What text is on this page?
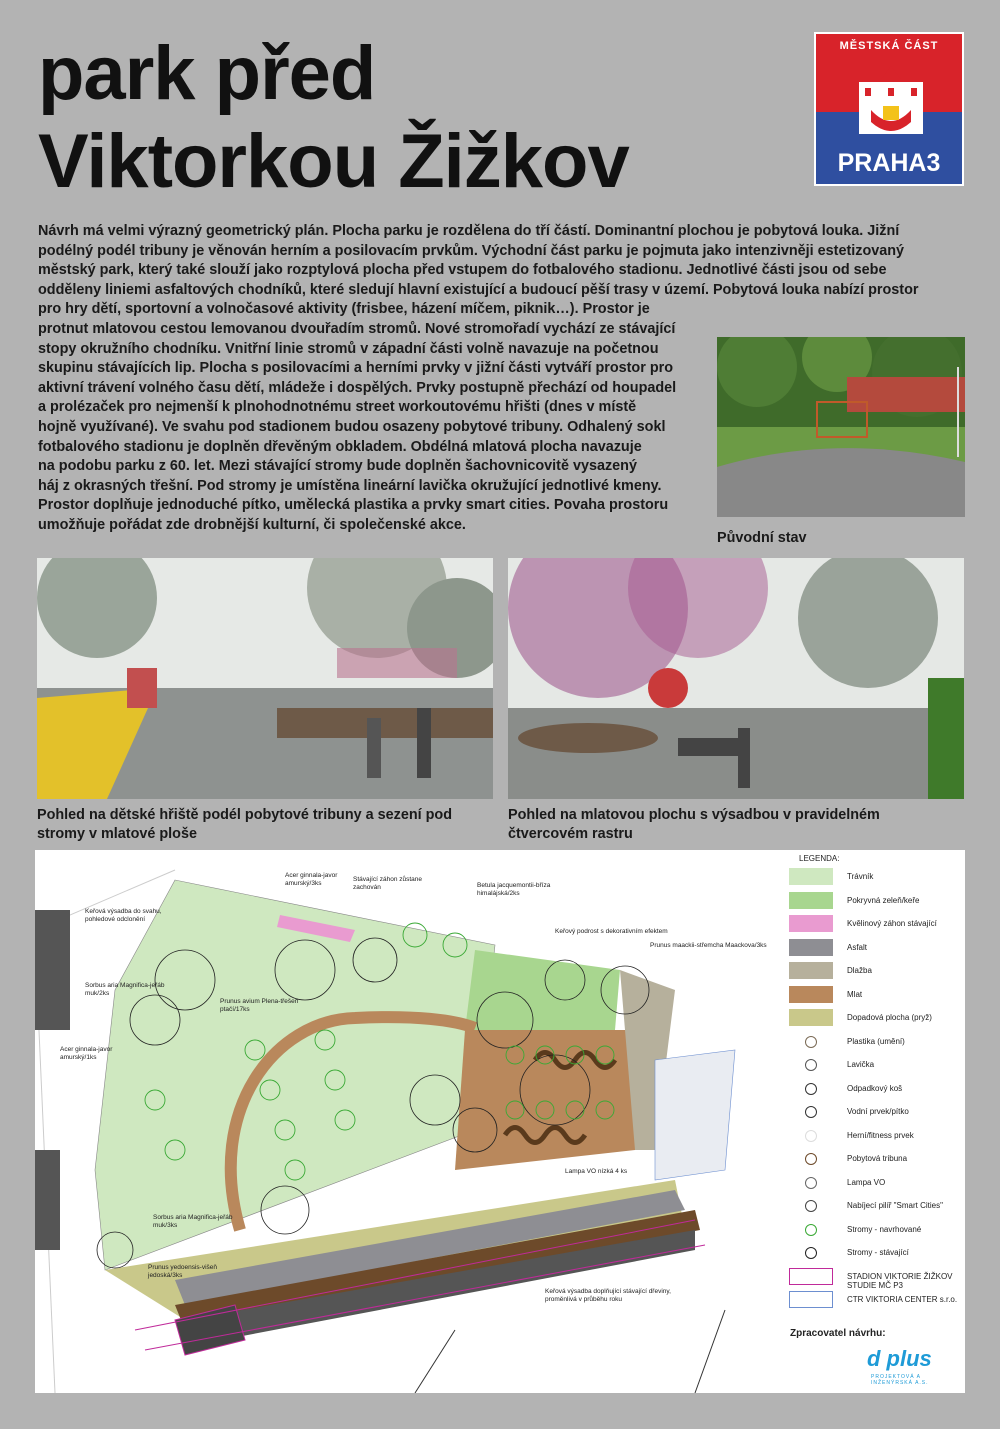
park před
Viktorkou Žižkov
MĚSTSKÁ ČÁST
PRAHA3
Návrh má velmi výrazný geometrický plán. Plocha parku je rozdělena do tří částí. Dominantní plochou je pobytová louka. Jižní
podélný podél tribuny je věnován herním a posilovacím prvkům. Východní část parku je pojmuta jako intenzivněji estetizovaný
městský park, který také slouží jako rozptylová plocha před vstupem do fotbalového stadionu. Jednotlivé části jsou od sebe
odděleny liniemi asfaltových chodníků, které sledují hlavní existující a budoucí pěší trasy v území. Pobytová louka nabízí prostor
pro hry dětí, sportovní a volnočasové aktivity (frisbee, házení míčem, piknik…). Prostor je
protnut mlatovou cestou lemovanou dvouřadím stromů. Nové stromořadí vychází ze stávající
stopy okružního chodníku. Vnitřní linie stromů v západní části volně navazuje na početnou
skupinu stávajících lip. Plocha s posilovacími a herními prvky v jižní části vytváří prostor pro
aktivní trávení volného času dětí, mládeže i dospělých. Prvky postupně přechází od houpadel
a prolézaček pro nejmenší k plnohodnotnému street workoutovému hřišti (dnes v místě
hojně využívané). Ve svahu pod stadionem budou osazeny pobytové tribuny. Odhalený sokl
fotbalového stadionu je doplněn dřevěným obkladem. Obdélná mlatová plocha navazuje
na podobu parku z 60. let. Mezi stávající stromy bude doplněn šachovnicovitě vysazený
háj z okrasných třešní. Pod stromy je umístěna lineární lavička okružující jednotlivé kmeny.
Prostor doplňuje jednoduché pítko, umělecká plastika a prvky smart cities. Povaha prostoru
umožňuje pořádat zde drobnější kulturní, či společenské akce.
Původní stav
Pohled na dětské hřiště podél pobytové tribuny a sezení pod stromy v mlatové ploše
Pohled na mlatovou plochu s výsadbou v pravidelném čtvercovém rastru
Acer ginnala-javor amurský/3ks
Stávající záhon zůstane zachován	Betula jacquemontii-bříza himalájská/2ks
Keřová výsadba do svahu, pohledové odclonění
Keřový podrost s dekorativním efektem
Prunus maackii-střemcha Maackova/3ks
Sorbus aria Magnifica-jeřáb muk/2ks
Prunus avium Plena-třešeň ptačí/17ks
Acer ginnala-javor amurský/1ks
Lampa VO nízká 4 ks
Sorbus aria Magnifica-jeřáb muk/3ks
Prunus yedoensis-višeň jedoská/3ks
Keřová výsadba doplňující stávající dřeviny, proměnlivá v průběhu roku
LEGENDA:
Trávník
Pokryvná zeleň/keře
Kvělinový záhon stávající
Asfalt
Dlažba
Mlat
Dopadová plocha (pryž)
Plastika (umění)
Lavička
Odpadkový koš
Vodní prvek/pítko
Herní/fitness prvek
Pobytová tribuna
Lampa VO
Nabíjecí pilíř "Smart Cities"
Stromy - navrhované
Stromy - stávající
STADION VIKTORIE ŽIŽKOV STUDIE MČ P3
CTR VIKTORIA CENTER s.r.o.
Zpracovatel návrhu:
d plus
PROJEKTOVÁ A INŽENÝRSKÁ A.S.
